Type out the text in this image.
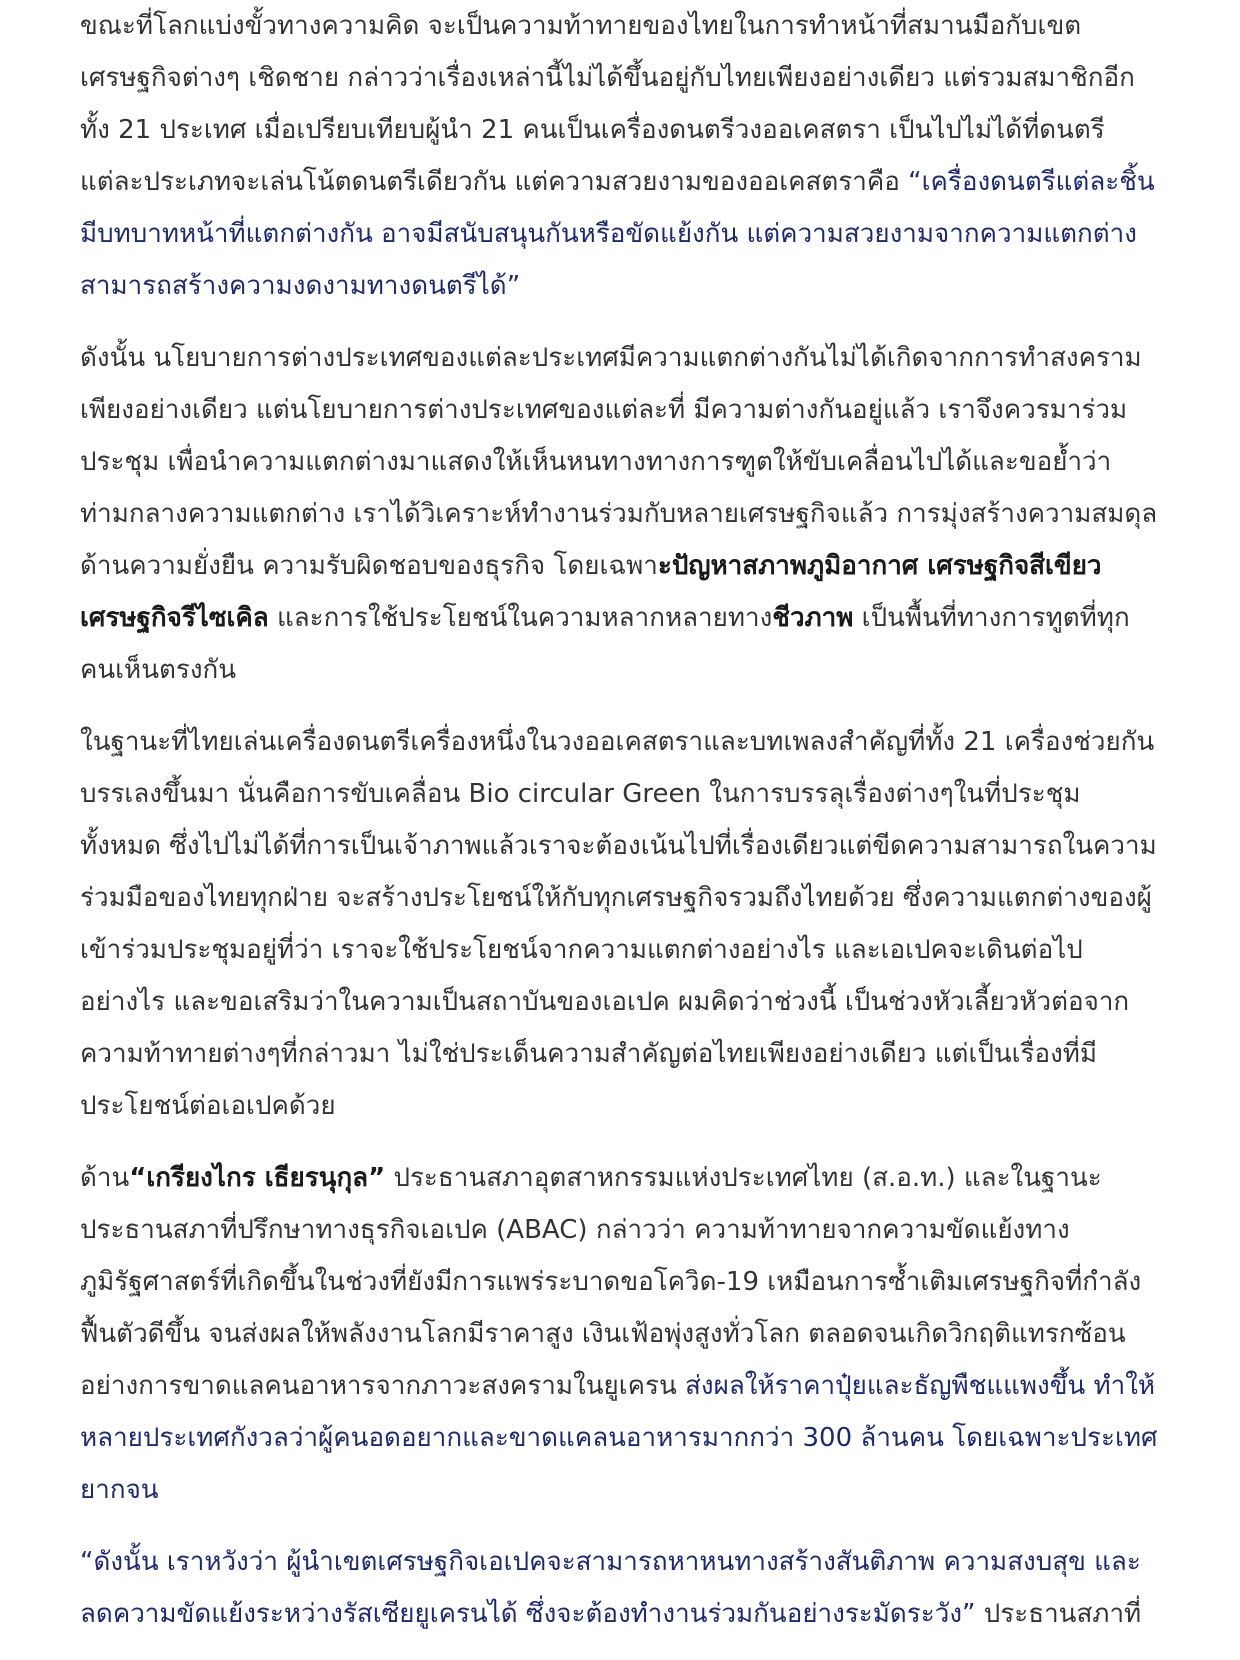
ขณะที่โลกแบ่งขั้วทางความคิด จะเป็นความท้าทายของไทยในการทำหน้าที่สมานมือกับเขตเศรษฐกิจต่างๆ เชิดชาย กล่าวว่าเรื่องเหล่านี้ไม่ได้ขึ้นอยู่กับไทยเพียงอย่างเดียว แต่รวมสมาชิกอีกทั้ง 21 ประเทศ เมื่อเปรียบเทียบผู้นำ 21 คนเป็นเครื่องดนตรีวงออเคสตรา เป็นไปไม่ได้ที่ดนตรีแต่ละประเภทจะเล่นโน้ตดนตรีเดียวกัน แต่ความสวยงามของออเคสตราคือ “เครื่องดนตรีแต่ละชิ้นมีบทบาทหน้าที่แตกต่างกัน อาจมีสนับสนุนกันหรือขัดแย้งกัน แต่ความสวยงามจากความแตกต่างสามารถสร้างความงดงามทางดนตรีได้”

ดังนั้น นโยบายการต่างประเทศของแต่ละประเทศมีความแตกต่างกันไม่ได้เกิดจากการทำสงครามเพียงอย่างเดียว แต่นโยบายการต่างประเทศของแต่ละที่ มีความต่างกันอยู่แล้ว เราจึงควรมาร่วมประชุม เพื่อนำความแตกต่างมาแสดงให้เห็นหนทางทางการฑูตให้ขับเคลื่อนไปได้และขอย้ำว่า ท่ามกลางความแตกต่าง เราได้วิเคราะห์ทำงานร่วมกับหลายเศรษฐกิจแล้ว การมุ่งสร้างความสมดุลด้านความยั่งยืน ความรับผิดชอบของธุรกิจ โดยเฉพาะปัญหาสภาพภูมิอากาศ เศรษฐกิจสีเขียว เศรษฐกิจรีไซเคิล และการใช้ประโยชน์ในความหลากหลายทางชีวภาพ เป็นพื้นที่ทางการทูตที่ทุกคนเห็นตรงกัน

ในฐานะที่ไทยเล่นเครื่องดนตรีเครื่องหนึ่งในวงออเคสตราและบทเพลงสำคัญที่ทั้ง 21 เครื่องช่วยกันบรรเลงขึ้นมา นั่นคือการขับเคลื่อน Bio circular Green ในการบรรลุเรื่องต่างๆในที่ประชุมทั้งหมด ซึ่งไปไม่ได้ที่การเป็นเจ้าภาพแล้วเราจะต้องเน้นไปที่เรื่องเดียวแต่ขีดความสามารถในความร่วมมือของไทยทุกฝ่าย จะสร้างประโยชน์ให้กับทุกเศรษฐกิจรวมถึงไทยด้วย ซึ่งความแตกต่างของผู้เข้าร่วมประชุมอยู่ที่ว่า เราจะใช้ประโยชน์จากความแตกต่างอย่างไร และเอเปคจะเดินต่อไปอย่างไร และขอเสริมว่าในความเป็นสถาบันของเอเปค ผมคิดว่าช่วงนี้ เป็นช่วงหัวเลี้ยวหัวต่อจากความท้าทายต่างๆที่กล่าวมา ไม่ใช่ประเด็นความสำคัญต่อไทยเพียงอย่างเดียว แต่เป็นเรื่องที่มีประโยชน์ต่อเอเปคด้วย

ด้าน“เกรียงไกร เธียรนุกุล” ประธานสภาอุตสาหกรรมแห่งประเทศไทย (ส.อ.ท.) และในฐานะประธานสภาที่ปรึกษาทางธุรกิจเอเปค (ABAC) กล่าวว่า ความท้าทายจากความขัดแย้งทางภูมิรัฐศาสตร์ที่เกิดขึ้นในช่วงที่ยังมีการแพร่ระบาดขอโควิด-19 เหมือนการซ้ำเติมเศรษฐกิจที่กำลังฟื้นตัวดีขึ้น จนส่งผลให้พลังงานโลกมีราคาสูง เงินเฟ้อพุ่งสูงทั่วโลก ตลอดจนเกิดวิกฤติแทรกซ้อนอย่างการขาดแลคนอาหารจากภาวะสงครามในยูเครน ส่งผลให้ราคาปุ๋ยและธัญพืชแแพงขึ้น ทำให้หลายประเทศกังวลว่าผู้คนอดอยากและขาดแคลนอาหารมากกว่า 300 ล้านคน โดยเฉพาะประเทศยากจน

“ดังนั้น เราหวังว่า ผู้นำเขตเศรษฐกิจเอเปคจะสามารถหาหนทางสร้างสันติภาพ ความสงบสุข และลดความขัดแย้งระหว่างรัสเซียยูเครนได้ ซึ่งจะต้องทำงานร่วมกันอย่างระมัดระวัง” ประธานสภาที่
